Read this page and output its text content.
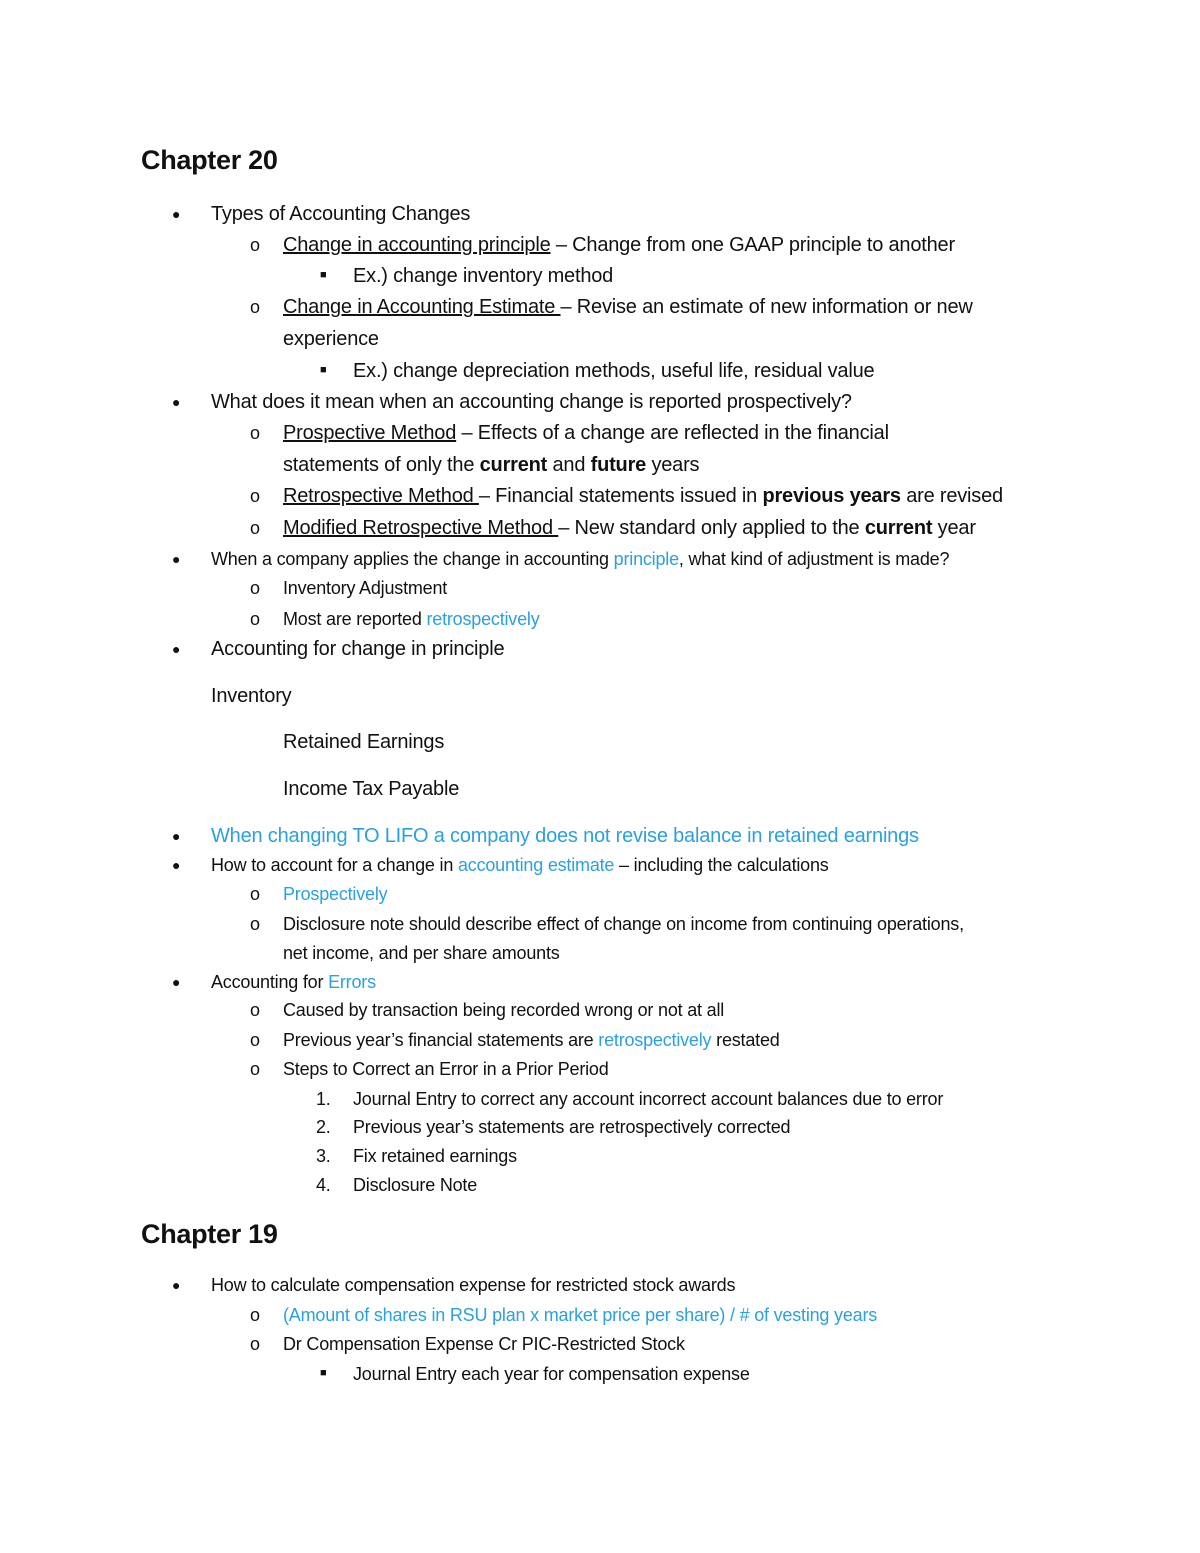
Chapter 20
● Types of Accounting Changes
o Change in accounting principle – Change from one GAAP principle to another
■ Ex.) change inventory method
o Change in Accounting Estimate – Revise an estimate of new information or new
experience
■ Ex.) change depreciation methods, useful life, residual value
● What does it mean when an accounting change is reported prospectively?
o Prospective Method – Effects of a change are reflected in the financial
statements of only the current and future years
o Retrospective Method – Financial statements issued in previous years are revised
o Modified Retrospective Method – New standard only applied to the current year
● When a company applies the change in accounting principle, what kind of adjustment is made?
o Inventory Adjustment
o Most are reported retrospectively
● Accounting for change in principle
Inventory
Retained Earnings
Income Tax Payable
● When changing TO LIFO a company does not revise balance in retained earnings
● How to account for a change in accounting estimate – including the calculations
o Prospectively
o Disclosure note should describe effect of change on income from continuing operations,
net income, and per share amounts
● Accounting for Errors
o Caused by transaction being recorded wrong or not at all
o Previous year’s financial statements are retrospectively restated
o Steps to Correct an Error in a Prior Period
1. Journal Entry to correct any account incorrect account balances due to error
2. Previous year’s statements are retrospectively corrected
3. Fix retained earnings
4. Disclosure Note
Chapter 19
● How to calculate compensation expense for restricted stock awards
o (Amount of shares in RSU plan x market price per share) / # of vesting years
o Dr Compensation Expense Cr PIC-Restricted Stock
■ Journal Entry each year for compensation expense
